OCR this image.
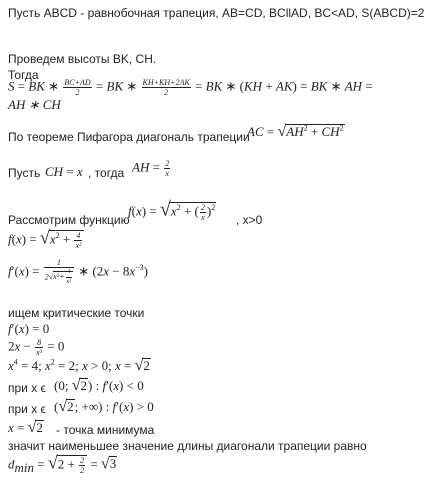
Пусть ABCD - равнобочная трапеция, AB=CD, BCllAD, BC<AD, S(ABCD)=2
Проведем высоты BK, CH.
Тогда
S = BK ∗ $\frac{BC+AD}{2}$ = BK ∗ $\frac{KH+KH+2AK}{2}$ = BK ∗ (KH + AK) = BK ∗ AH =
AH ∗ CH
По теореме Пифагора диагональ трапеции
AC = $√AH^2 + CH^2$
Пусть CH = x , тогда AH = $\frac{2}{x}$
Рассмотрим функцию
$f(x) = √x^2$ + ( $\frac{2}{x} )^2$
, x>0
$f(x) = √x^2 + \frac{4}{\text{x²}}$
$f'(x) = \frac{1}{2√x^2+ \frac{4}{\text{x²}}}$ ∗ $(2x - 8x^{-3})$
ищем критические точки
f′(x) = 0
$2x - \frac{8}{\text{x³}} = 0$
$x^4 = 4$; $x^2 = 2$; x > 0; x = √2
при x ϵ (0; √2) : f′(x) < 0
при x ϵ (√2; +∞) : f′(x) > 0
x = √2 - точка минимума
значит наименьшее значение длины диагонали трапеции равно
$d_{min} = √2 + \frac{2}{2} = √3$
